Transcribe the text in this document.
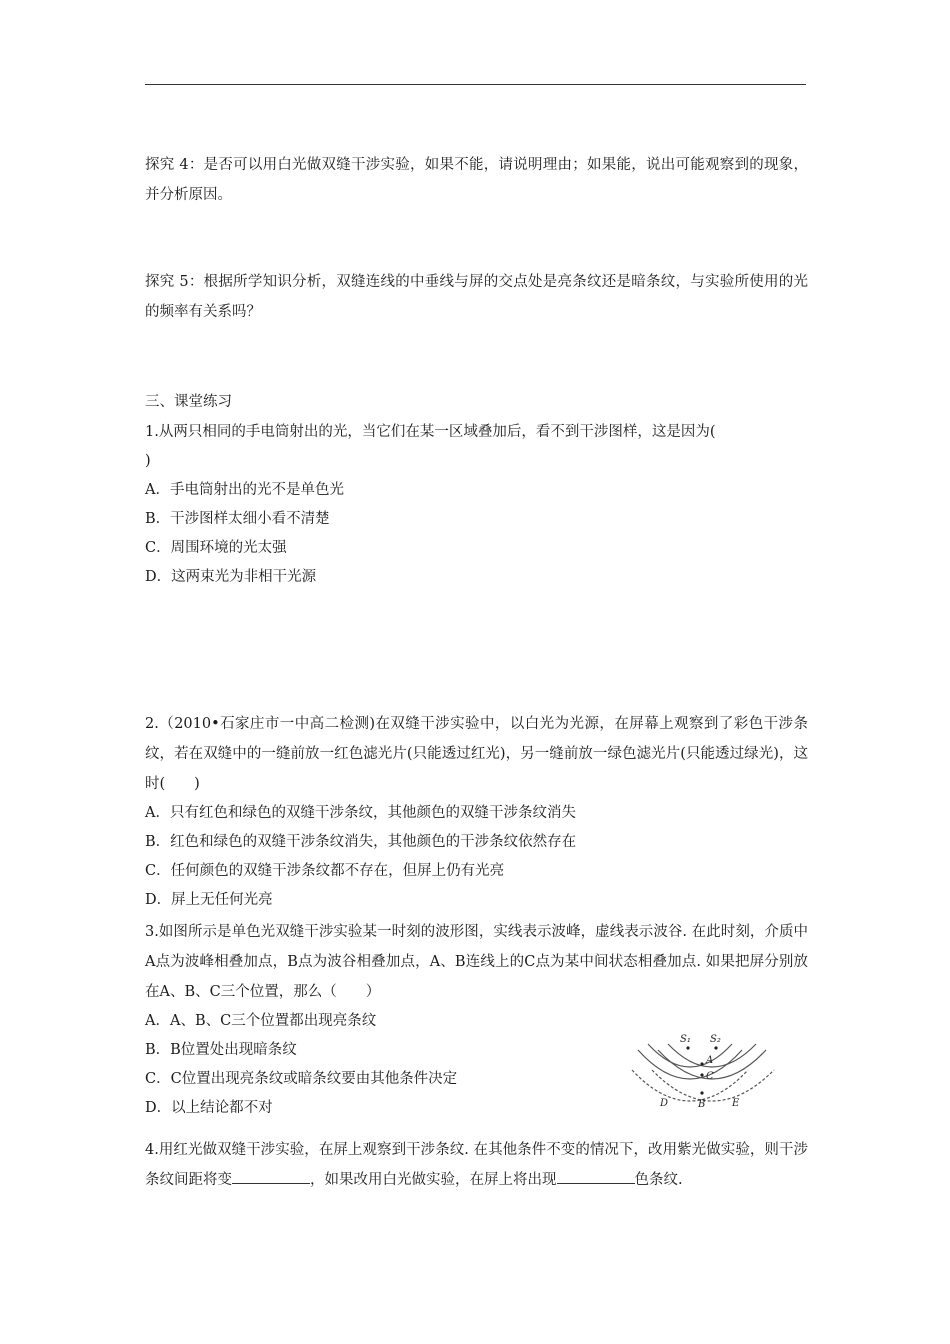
探究 4：是否可以用白光做双缝干涉实验，如果不能，请说明理由；如果能，说出可能观察到的现象，并分析原因。
探究 5：根据所学知识分析，双缝连线的中垂线与屏的交点处是亮条纹还是暗条纹，与实验所使用的光的频率有关系吗？
三、课堂练习
1.从两只相同的手电筒射出的光，当它们在某一区域叠加后，看不到干涉图样，这是因为(
)
A．手电筒射出的光不是单色光
B．干涉图样太细小看不清楚
C．周围环境的光太强
D．这两束光为非相干光源
2.（2010•石家庄市一中高二检测)在双缝干涉实验中，以白光为光源，在屏幕上观察到了彩色干涉条纹，若在双缝中的一缝前放一红色滤光片(只能透过红光)，另一缝前放一绿色滤光片(只能透过绿光)，这时(　　)
A．只有红色和绿色的双缝干涉条纹，其他颜色的双缝干涉条纹消失
B．红色和绿色的双缝干涉条纹消失，其他颜色的干涉条纹依然存在
C．任何颜色的双缝干涉条纹都不存在，但屏上仍有光亮
D．屏上无任何光亮
3.如图所示是单色光双缝干涉实验某一时刻的波形图，实线表示波峰，虚线表示波谷. 在此时刻，介质中A点为波峰相叠加点，B点为波谷相叠加点，A、B连线上的C点为某中间状态相叠加点. 如果把屏分别放在A、B、C三个位置，那么（　　）
A．A、B、C三个位置都出现亮条纹
B．B位置处出现暗条纹
C．C位置出现亮条纹或暗条纹要由其他条件决定
D．以上结论都不对
S₁ S₂
A
C
B
D	E
4.用红光做双缝干涉实验，在屏上观察到干涉条纹. 在其他条件不变的情况下，改用紫光做实验，则干涉条纹间距将变	，如果改用白光做实验，在屏上将出现	色条纹.
